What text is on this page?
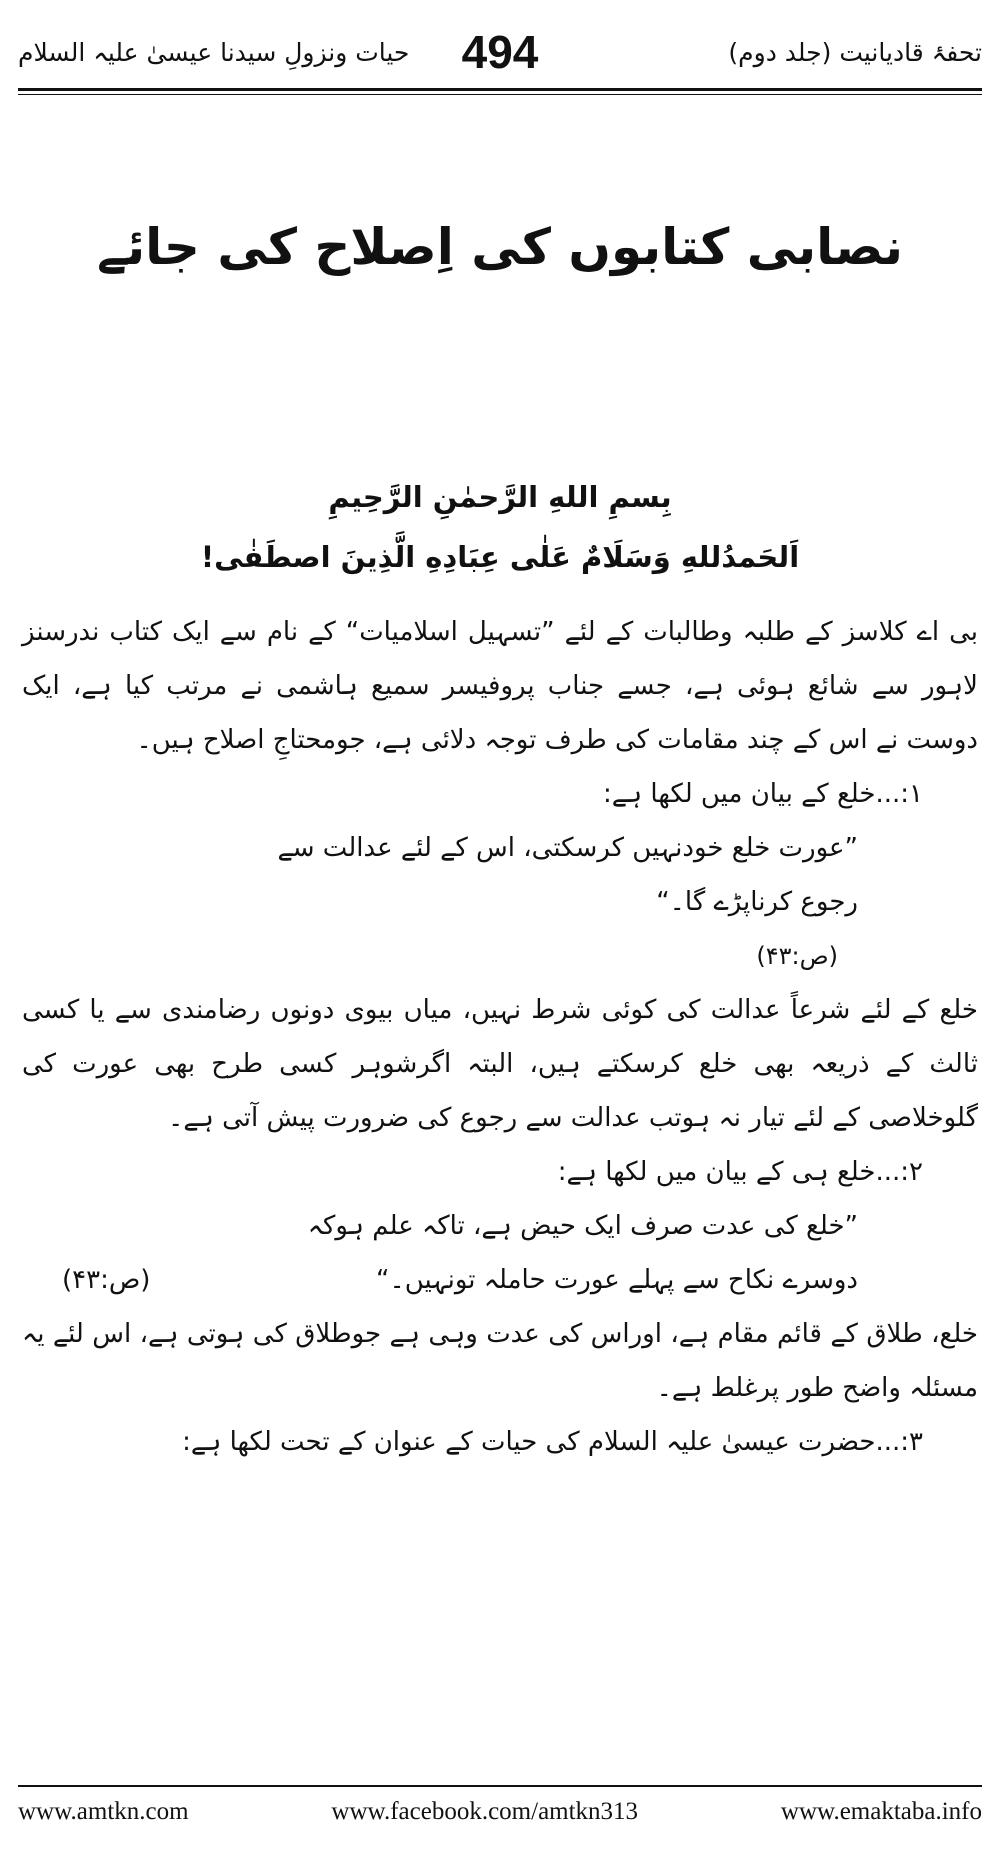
حیات ونزولِ سیدنا عیسیٰ علیہ السلام 494	تحفۂ قادیانیت (جلد دوم)
نصابی کتابوں کی اِصلاح کی جائے
بِسمِ اللهِ الرَّحمٰنِ الرَّحِیمِ
اَلحَمدُللهِ وَسَلَامٌ عَلٰی عِبَادِهِ الَّذِینَ اصطَفٰی!

بی اے کلاسز کے طلبہ وطالبات کے لئے ”تسہیل اسلامیات“ کے نام سے ایک کتاب ندرسنز لاہور سے شائع ہوئی ہے، جسے جناب پروفیسر سمیع ہاشمی نے مرتب کیا ہے، ایک دوست نے اس کے چند مقامات کی طرف توجہ دلائی ہے، جومحتاجِ اصلاح ہیں۔

۱:...خلع کے بیان میں لکھا ہے:

”عورت خلع خودنہیں کرسکتی، اس کے لئے عدالت سے

رجوع کرناپڑے گا۔“

(ص:۴۳)

خلع کے لئے شرعاً عدالت کی کوئی شرط نہیں، میاں بیوی دونوں رضامندی سے یا کسی ثالث کے ذریعہ بھی خلع کرسکتے ہیں، البتہ اگرشوہر کسی طرح بھی عورت کی گلوخلاصی کے لئے تیار نہ ہوتب عدالت سے رجوع کی ضرورت پیش آتی ہے۔

۲:...خلع ہی کے بیان میں لکھا ہے:

”خلع کی عدت صرف ایک حیض ہے، تاکہ علم ہوکہ

دوسرے نکاح سے پہلے عورت حاملہ تونہیں۔“
(ص:۴۳)

خلع، طلاق کے قائم مقام ہے، اوراس کی عدت وہی ہے جوطلاق کی ہوتی ہے، اس لئے یہ مسئلہ واضح طور پرغلط ہے۔

۳:...حضرت عیسیٰ علیہ السلام کی حیات کے عنوان کے تحت لکھا ہے:

www.amtkn.com	www.facebook.com/amtkn313	www.emaktaba.info
